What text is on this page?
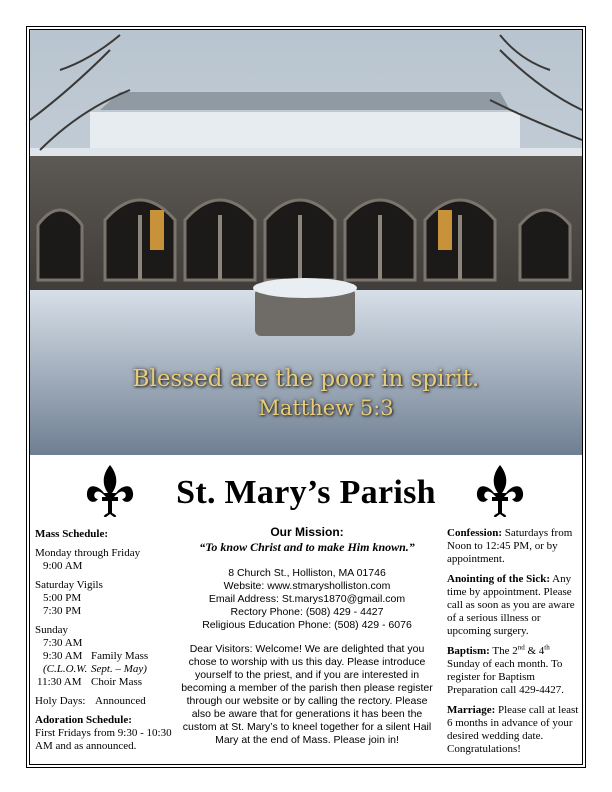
Blessed are the poor in spirit.
Matthew 5:3
St. Mary’s Parish
Mass Schedule:
Monday through Friday
9:00 AM
Saturday Vigils
5:00 PM
7:30 PM
Sunday
7:30 AM
9:30 AM Family Mass
(C.L.O.W. Sept. – May)
11:30 AM Choir Mass
Holy Days: Announced
Adoration Schedule:
First Fridays from 9:30 - 10:30 AM and as announced.
Our Mission:
“To know Christ and to make Him known.”
8 Church St., Holliston, MA 01746
Website: www.stmarysholliston.com
Email Address: St.marys1870@gmail.com
Rectory Phone: (508) 429 - 4427
Religious Education Phone: (508) 429 - 6076
Dear Visitors: Welcome! We are delighted that you chose to worship with us this day. Please introduce yourself to the priest, and if you are interested in becoming a member of the parish then please register through our website or by calling the rectory. Please also be aware that for generations it has been the custom at St. Mary’s to kneel together for a silent Hail Mary at the end of Mass. Please join in!

Confession: Saturdays from Noon to 12:45 PM, or by appointment.

Anointing of the Sick: Any time by appointment. Please call as soon as you are aware of a serious illness or upcoming surgery.

Baptism: The 2nd & 4th Sunday of each month. To register for Baptism Preparation call 429-4427.

Marriage: Please call at least 6 months in advance of your desired wedding date. Congratulations!
